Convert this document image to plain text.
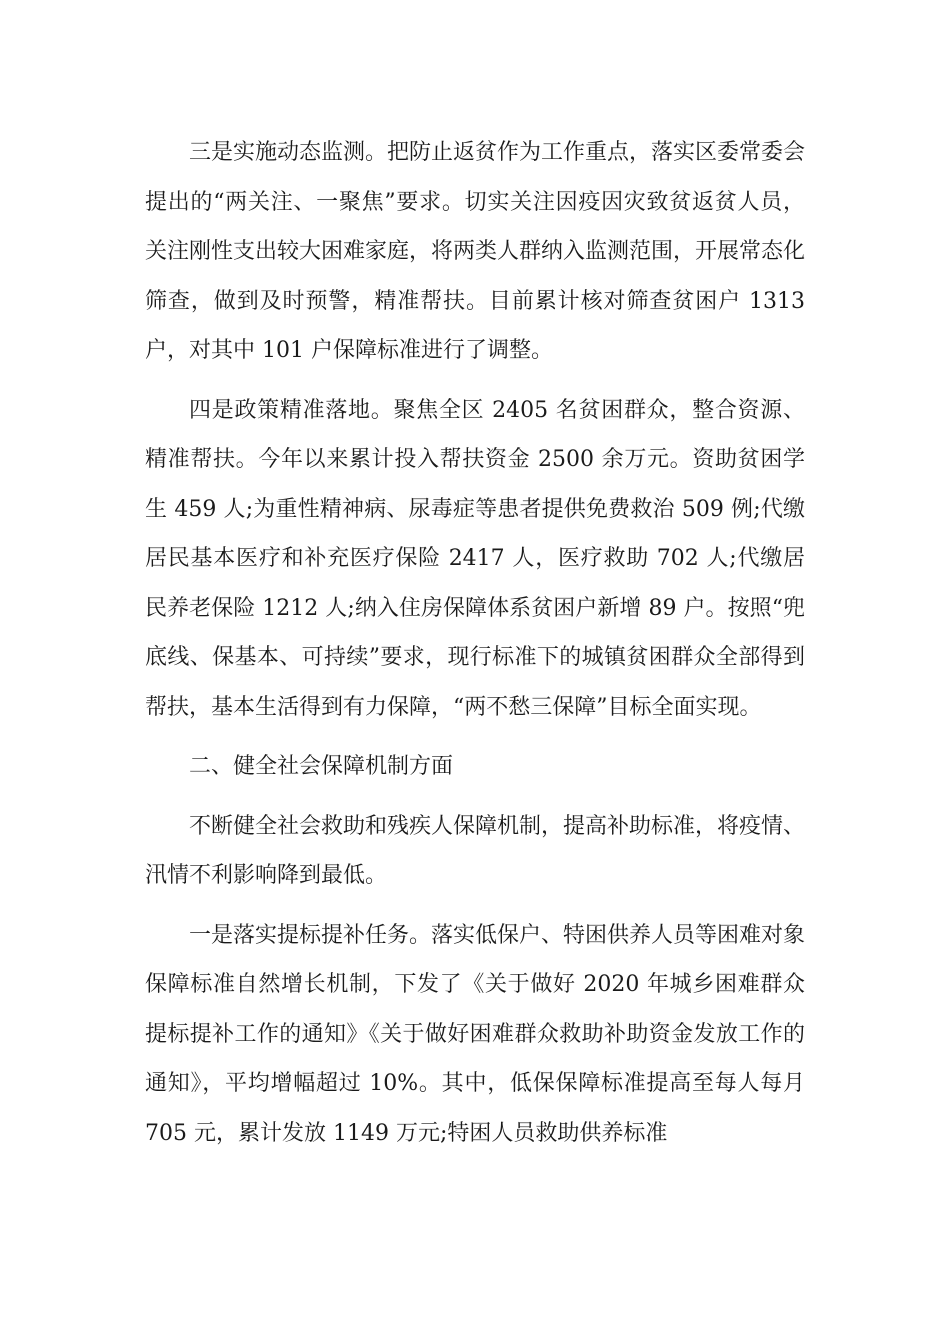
三是实施动态监测。把防止返贫作为工作重点，落实区委常委会提出的“两关注、一聚焦”要求。切实关注因疫因灾致贫返贫人员，关注刚性支出较大困难家庭，将两类人群纳入监测范围，开展常态化筛查，做到及时预警，精准帮扶。目前累计核对筛查贫困户 1313 户，对其中 101 户保障标准进行了调整。

四是政策精准落地。聚焦全区 2405 名贫困群众，整合资源、精准帮扶。今年以来累计投入帮扶资金 2500 余万元。资助贫困学生 459 人;为重性精神病、尿毒症等患者提供免费救治 509 例;代缴居民基本医疗和补充医疗保险 2417 人，医疗救助 702 人;代缴居民养老保险 1212 人;纳入住房保障体系贫困户新增 89 户。按照“兜底线、保基本、可持续”要求，现行标准下的城镇贫困群众全部得到帮扶，基本生活得到有力保障，“两不愁三保障”目标全面实现。

二、健全社会保障机制方面

不断健全社会救助和残疾人保障机制，提高补助标准，将疫情、汛情不利影响降到最低。

一是落实提标提补任务。落实低保户、特困供养人员等困难对象保障标准自然增长机制，下发了《关于做好 2020 年城乡困难群众提标提补工作的通知》《关于做好困难群众救助补助资金发放工作的通知》，平均增幅超过 10%。其中，低保保障标准提高至每人每月 705 元，累计发放 1149 万元;特困人员救助供养标准
